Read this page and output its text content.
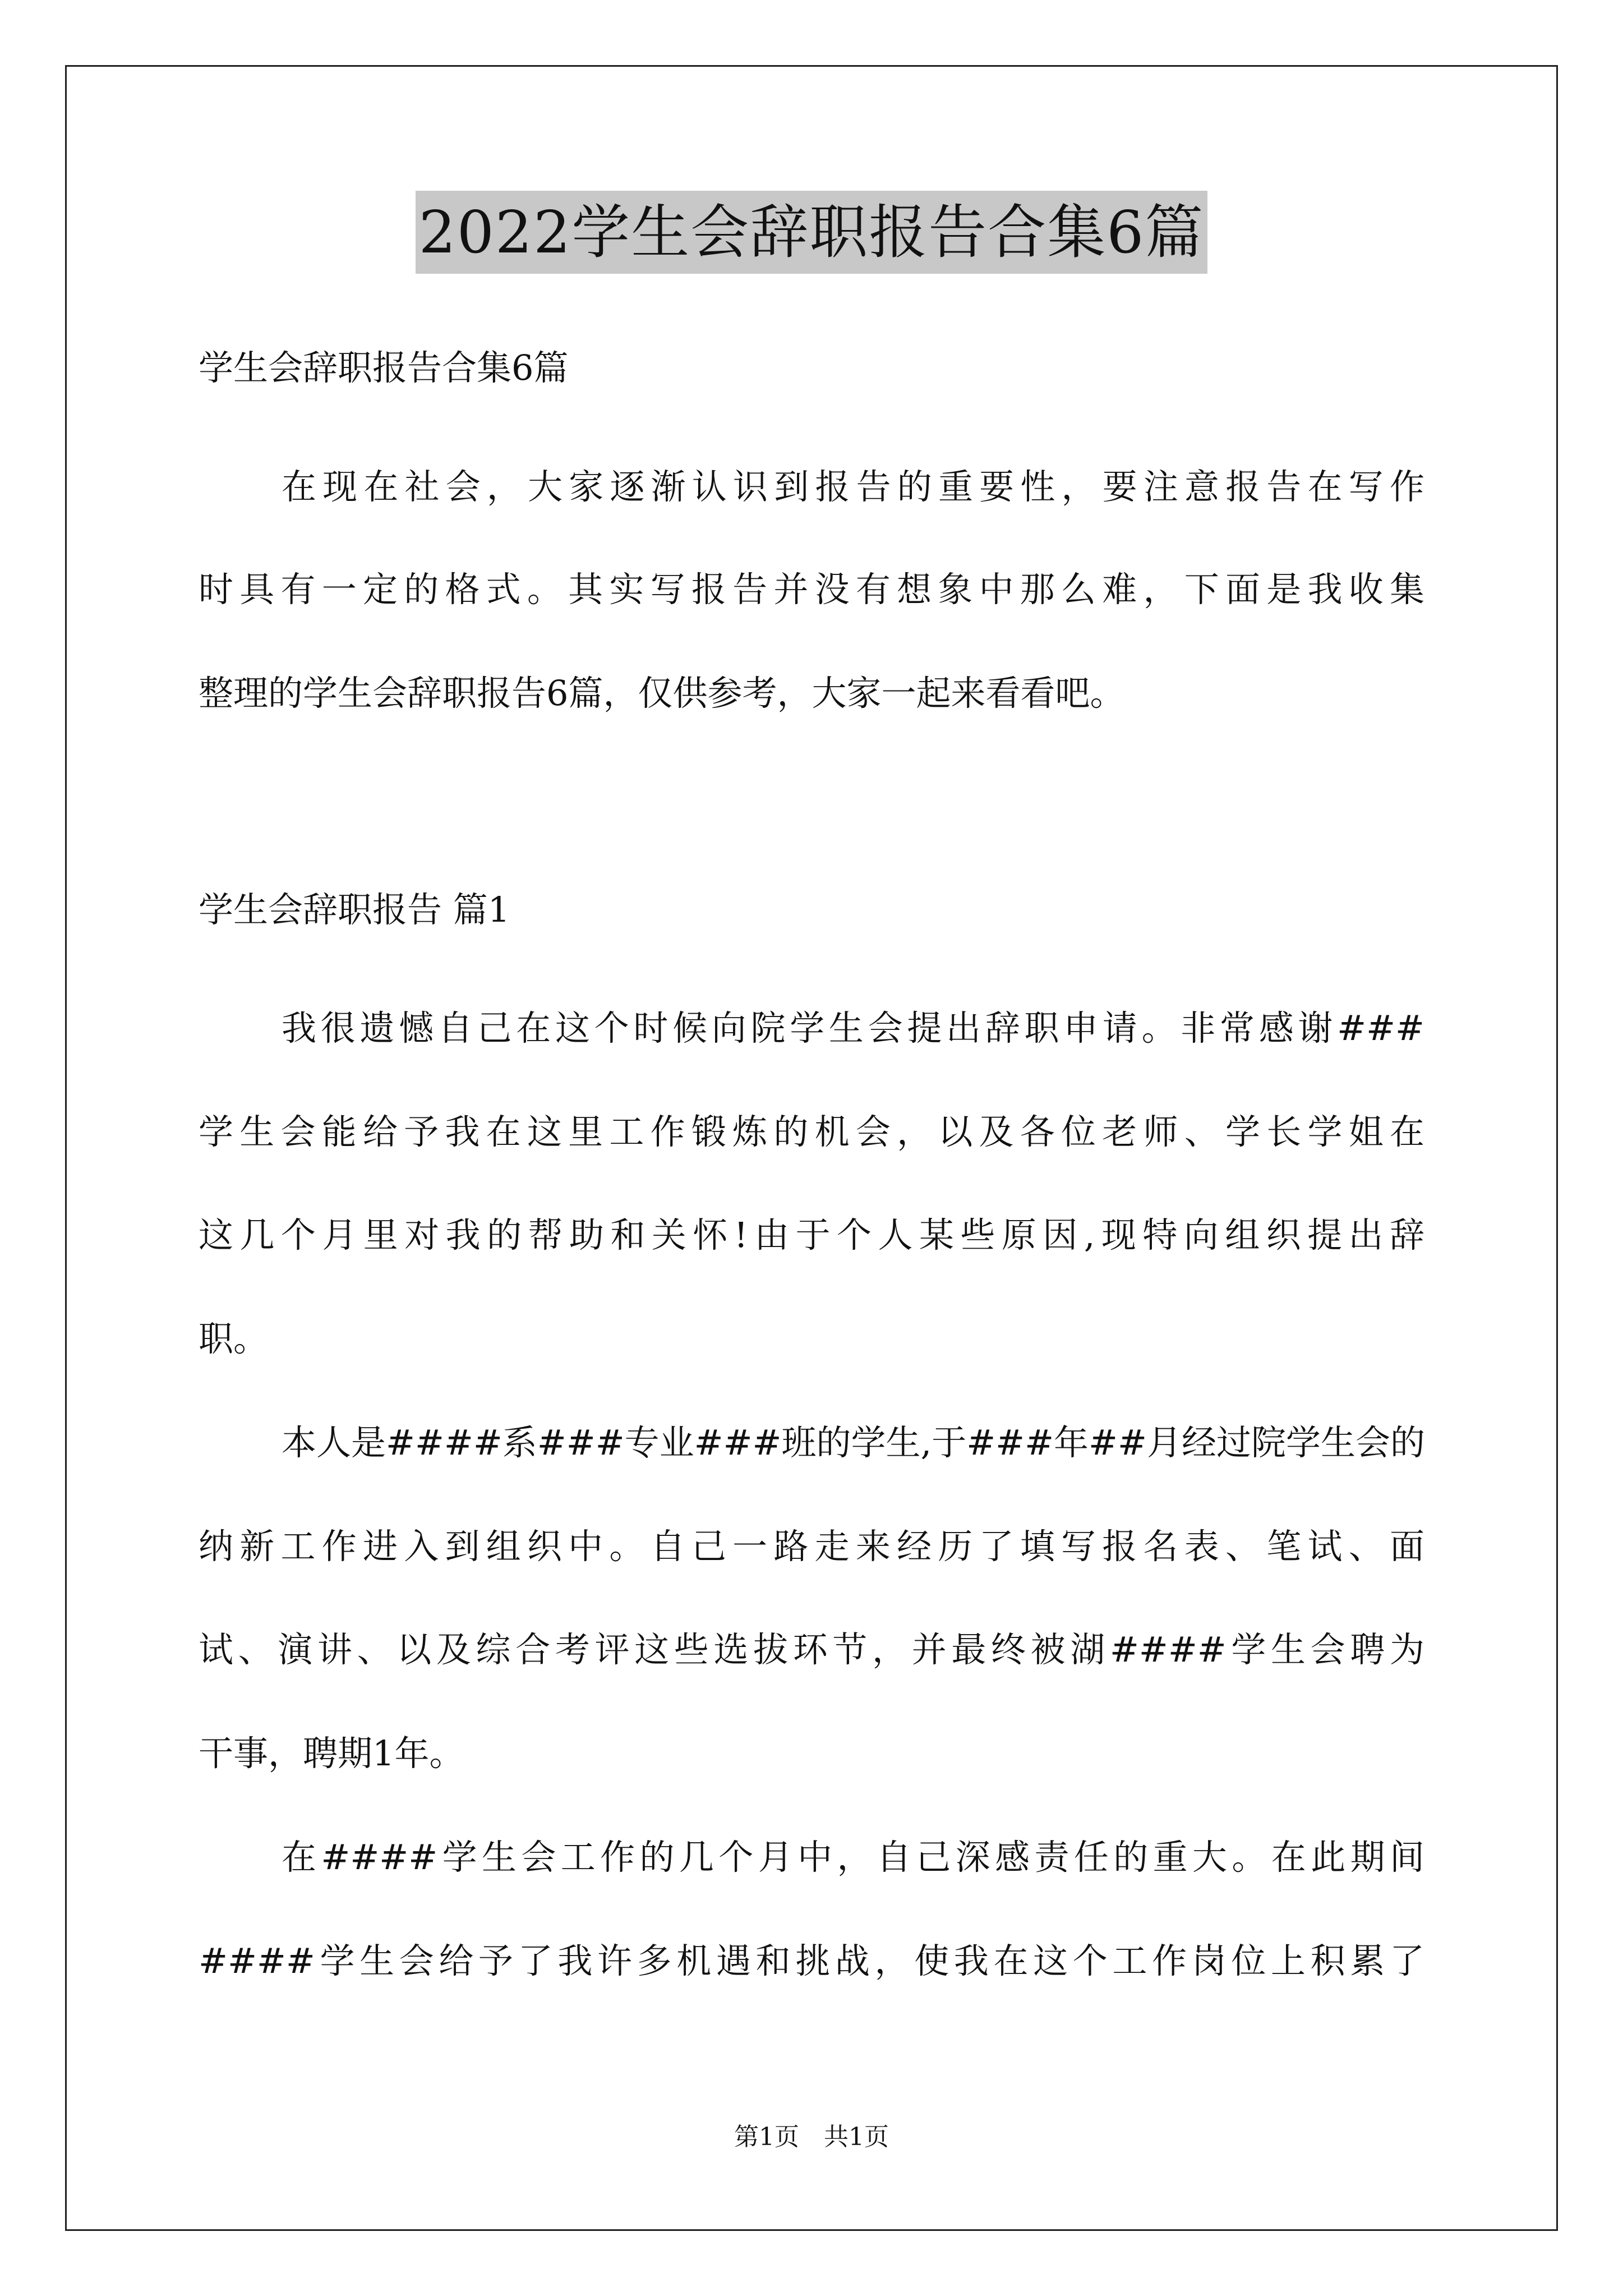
2022学生会辞职报告合集6篇
学生会辞职报告合集6篇
在现在社会，大家逐渐认识到报告的重要性，要注意报告在写作
时具有一定的格式。其实写报告并没有想象中那么难，下面是我收集
整理的学生会辞职报告6篇，仅供参考，大家一起来看看吧。
学生会辞职报告 篇1
我很遗憾自己在这个时候向院学生会提出辞职申请。非常感谢###
学生会能给予我在这里工作锻炼的机会，以及各位老师、学长学姐在
这几个月里对我的帮助和关怀!由于个人某些原因,现特向组织提出辞
职。
本人是####系###专业###班的学生,于###年##月经过院学生会的
纳新工作进入到组织中。自己一路走来经历了填写报名表、笔试、面
试、演讲、以及综合考评这些选拔环节，并最终被湖####学生会聘为
干事，聘期1年。
在####学生会工作的几个月中，自己深感责任的重大。在此期间
####学生会给予了我许多机遇和挑战，使我在这个工作岗位上积累了
第1页　共1页
